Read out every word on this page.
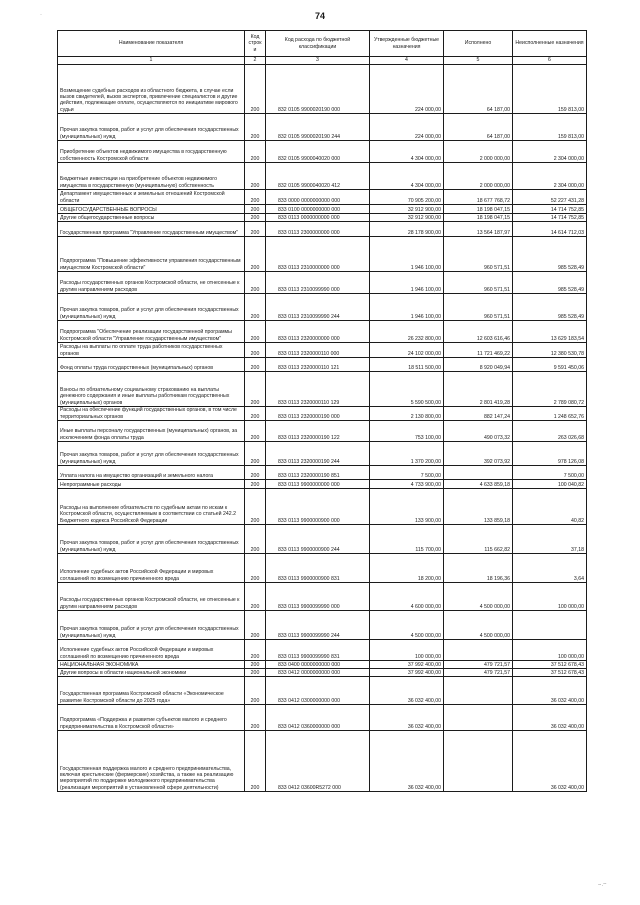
74
Наименование показателя	Код строк и	Код расхода по бюджетной классификации	Утвержденные бюджетные назначения	Исполнено	Неисполненные назначения
1	2	3	4	5	6
Возмещение судебных расходов из областного бюджета, в случае если вызов свидетелей, вызов экспертов, привлечение специалистов и другие действия, подлежащие оплате, осуществляются по инициативе мирового судьи	200	832 0105 9900020190 000	224 000,00	64 187,00	159 813,00
Прочая закупка товаров, работ и услуг для обеспечения государственных (муниципальных) нужд	200	832 0105 9900020190 244	224 000,00	64 187,00	159 813,00
Приобретение объектов недвижимого имущества в государственную собственность Костромской области	200	832 0105 9900040020 000	4 304 000,00	2 000 000,00	2 304 000,00
Бюджетные инвестиции на приобретение объектов недвижимого имущества в государственную (муниципальную) собственность	200	832 0105 9900040020 412	4 304 000,00	2 000 000,00	2 304 000,00
Департамент имущественных и земельных отношений Костромской области	200	833 0000 0000000000 000	70 905 200,00	18 677 768,72	52 227 431,28
ОБЩЕГОСУДАРСТВЕННЫЕ ВОПРОСЫ	200	833 0100 0000000000 000	32 912 900,00	18 198 047,15	14 714 752,85
Другие общегосударственные вопросы	200	833 0113 0000000000 000	32 912 900,00	18 198 047,15	14 714 752,85
Государственная программа "Управление государственным имуществом"	200	833 0113 2300000000 000	28 178 900,00	13 564 187,97	14 614 712,03
Подпрограмма "Повышение эффективности управления государственным имуществом Костромской области"	200	833 0113 2310000000 000	1 946 100,00	960 571,51	985 528,49
Расходы государственных органов Костромской области, не отнесенные к другим направлениям расходов	200	833 0113 2310099990 000	1 946 100,00	960 571,51	985 528,49
Прочая закупка товаров, работ и услуг для обеспечения государственных (муниципальных) нужд	200	833 0113 2310099990 244	1 946 100,00	960 571,51	985 528,49
Подпрограмма "Обеспечение реализации государственной программы Костромской области "Управление государственным имуществом"	200	833 0113 2320000000 000	26 232 800,00	12 603 616,46	13 629 183,54
Расходы на выплаты по оплате труда работников государственных органов	200	833 0113 2320000110 000	24 102 000,00	11 721 469,22	12 380 530,78
Фонд оплаты труда государственных (муниципальных) органов	200	833 0113 2320000110 121	18 511 500,00	8 920 049,94	9 591 450,06
Взносы по обязательному социальному страхованию на выплаты денежного содержания и иные выплаты работникам государственных (муниципальных) органов	200	833 0113 2320000110 129	5 590 500,00	2 801 419,28	2 789 080,72
Расходы на обеспечение функций государственных органов, в том числе территориальных органов	200	833 0113 2320000190 000	2 130 800,00	882 147,24	1 248 652,76
Иные выплаты персоналу государственных (муниципальных) органов, за исключением фонда оплаты труда	200	833 0113 2320000190 122	753 100,00	490 073,32	263 026,68
Прочая закупка товаров, работ и услуг для обеспечения государственных (муниципальных) нужд	200	833 0113 2320000190 244	1 370 200,00	392 073,92	978 126,08
Уплата налога на имущество организаций и земельного налога	200	833 0113 2320000190 851	7 500,00		7 500,00
Непрограммные расходы	200	833 0113 9900000000 000	4 733 900,00	4 633 859,18	100 040,82
Расходы на выполнение обязательств по судебным актам по искам к Костромской области, осуществляемым в соответствии со статьей 242.2 Бюджетного кодекса Российской Федерации	200	833 0113 9900000900 000	133 900,00	133 859,18	40,82
Прочая закупка товаров, работ и услуг для обеспечения государственных (муниципальных) нужд	200	833 0113 9900000900 244	115 700,00	115 662,82	37,18
Исполнение судебных актов Российской Федерации и мировых соглашений по возмещению причиненного вреда	200	833 0113 9900000900 831	18 200,00	18 196,36	3,64
Расходы государственных органов Костромской области, не отнесенные к другим направлениям расходов	200	833 0113 9900099990 000	4 600 000,00	4 500 000,00	100 000,00
Прочая закупка товаров, работ и услуг для обеспечения государственных (муниципальных) нужд	200	833 0113 9900099990 244	4 500 000,00	4 500 000,00	
Исполнение судебных актов Российской Федерации и мировых соглашений по возмещению причиненного вреда	200	833 0113 9900099990 831	100 000,00		100 000,00
НАЦИОНАЛЬНАЯ ЭКОНОМИКА	200	833 0400 0000000000 000	37 992 400,00	479 721,57	37 512 678,43
Другие вопросы в области национальной экономики	200	833 0412 0000000000 000	37 992 400,00	479 721,57	37 512 678,43
Государственная программа Костромской области «Экономическое развитие Костромской области до 2025 года»	200	833 0412 0300000000 000	36 032 400,00		36 032 400,00
Подпрограмма «Поддержка и развитие субъектов малого и среднего предпринимательства в Костромской области»	200	833 0412 0360000000 000	36 032 400,00		36 032 400,00
Государственная поддержка малого и среднего предпринимательства, включая крестьянские (фермерские) хозяйства, а также на реализацию мероприятий по поддержке молодежного предпринимательства (реализация мероприятий в установленной сфере деятельности)	200	833 0412 03600R5272 000	36 032 400,00		36 032 400,00
·
~.~
